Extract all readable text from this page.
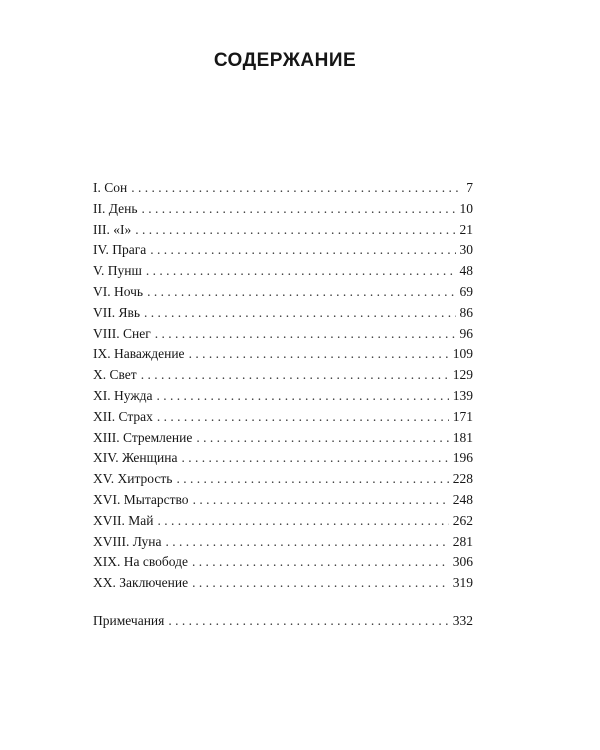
СОДЕРЖАНИЕ
I. Сон . . .	7
II. День . . .	10
III. «I» . . .	21
IV. Прага . . .	30
V. Пунш . . .	48
VI. Ночь . . .	69
VII. Явь . . .	86
VIII. Снег . . .	96
IX. Наваждение . . .	109
X. Свет . . .	129
XI. Нужда . . .	139
XII. Страх . . .	171
XIII. Стремление . . .	181
XIV. Женщина . . .	196
XV. Хитрость . . .	228
XVI. Мытарство . . .	248
XVII. Май . . .	262
XVIII. Луна . . .	281
XIX. На свободе . . .	306
XX. Заключение . . .	319
Примечания . . .	332
